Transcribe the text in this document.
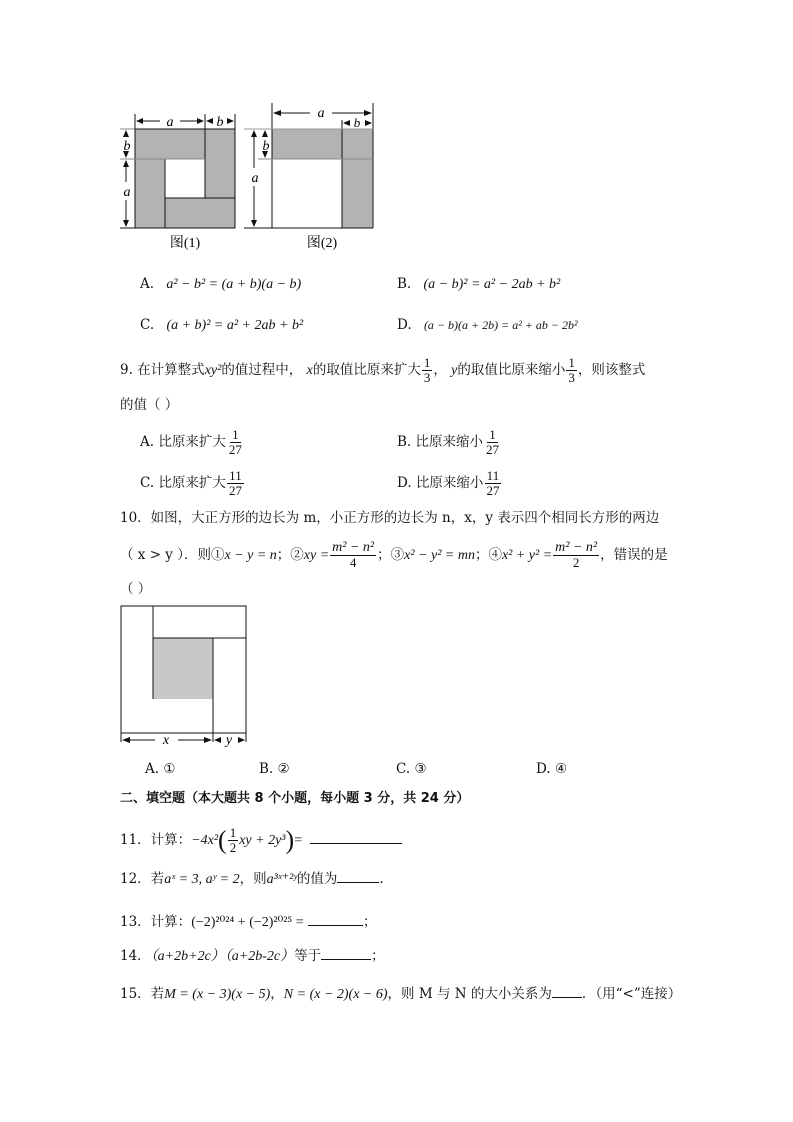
a	b
b
a
图(1)
a
b
b
a
图(2)
A. a² − b² = (a + b)(a − b)	B. (a − b)² = a² − 2ab + b²
C. (a + b)² = a² + 2ab + b²	D. (a − b)(a + 2b) = a² + ab − 2b²
9. 在计算整式xy²的值过程中， x的取值比原来扩大 $\frac{1}{3}$ ， y的取值比原来缩小 $\frac{1}{3}$ ，则该整式
的值（ ）
A. 比原来扩大 $\frac{1}{27}$	B. 比原来缩小 $\frac{1}{27}$
C. 比原来扩大 $\frac{11}{27}$	D. 比原来缩小 $\frac{11}{27}$
10．如图，大正方形的边长为 m，小正方形的边长为 n，x，y 表示四个相同长方形的两边
（ x > y ）．则①x − y = n；②xy = $\frac{\text{m² − n²}}{4}$ ；③x² − y² = mn；④x² + $y^2 = \frac{\text{m² − n²}}{2}$ ，错误的是
（ ）
x	y
A. ①	B. ②	C. ③	D. ④
二、填空题（本大题共 8 个小题，每小题 3 分，共 24 分）
11．计算：$-4x^2( \frac{1}{2}$ xy + 2y³)=
12．若aˣ = 3, aʸ = 2，则a³ˣ⁺²ʸ的值为	.
13．计算：(−2)²⁰²⁴ + (−2)²⁰²⁵ =	；
14．（a+2b+2c）（a+2b-2c）等于	；
15．若M = (x − 3)(x − 5)，N = (x − 2)(x − 6)，则 M 与 N 的大小关系为 ．（用“<”连接）
